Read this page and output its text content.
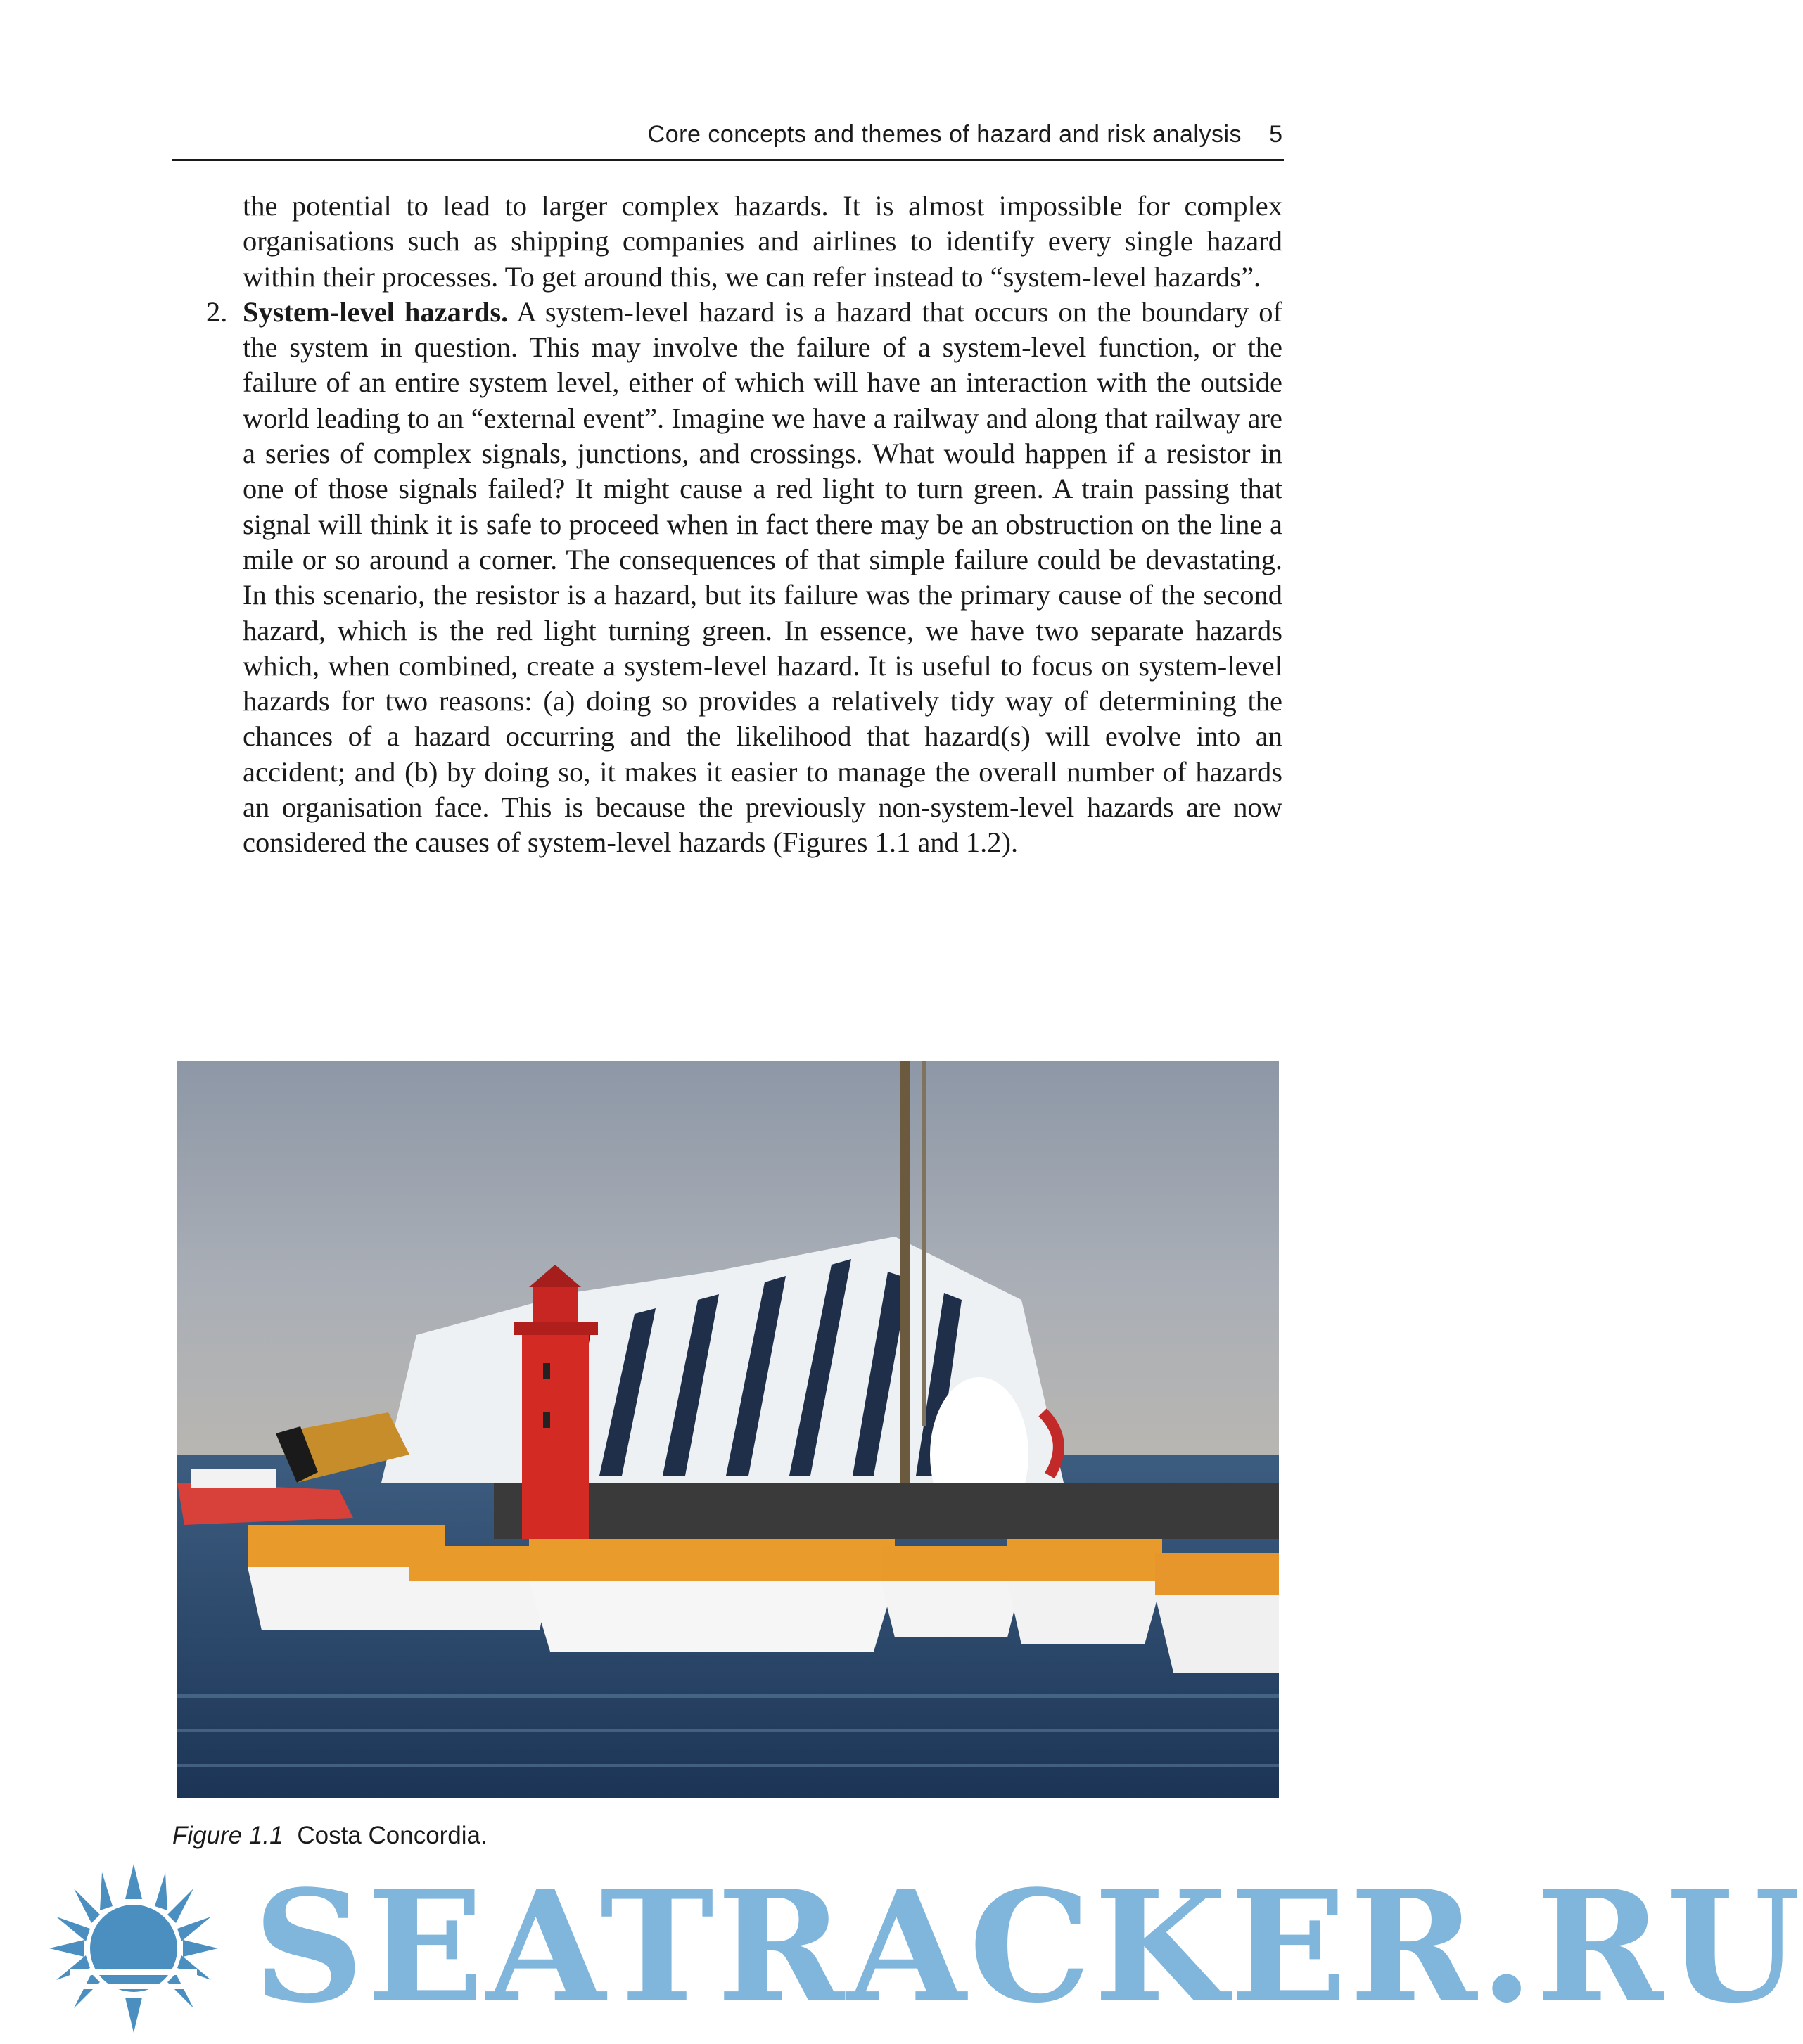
Core concepts and themes of hazard and risk analysis 5

the potential to lead to larger complex hazards. It is almost impossible for complex organisations such as shipping companies and airlines to identify every single hazard within their processes. To get around this, we can refer instead to “system-level hazards”.

2. System-level hazards. A system-level hazard is a hazard that occurs on the boundary of the system in question. This may involve the failure of a system-level function, or the failure of an entire system level, either of which will have an interaction with the outside world leading to an “external event”. Imagine we have a railway and along that railway are a series of complex signals, junctions, and crossings. What would happen if a resistor in one of those signals failed? It might cause a red light to turn green. A train passing that signal will think it is safe to proceed when in fact there may be an obstruction on the line a mile or so around a corner. The consequences of that simple failure could be devastating. In this scenario, the resistor is a hazard, but its failure was the primary cause of the second hazard, which is the red light turning green. In essence, we have two separate hazards which, when combined, create a system-level hazard. It is useful to focus on system-level hazards for two reasons: (a) doing so provides a relatively tidy way of determining the chances of a hazard occurring and the likelihood that hazard(s) will evolve into an accident; and (b) by doing so, it makes it easier to manage the overall number of hazards an organisation face. This is because the previously non-system-level hazards are now considered the causes of system-level hazards (Figures 1.1 and 1.2).

Figure 1.1 Costa Concordia.
SEATRACKER.RU
